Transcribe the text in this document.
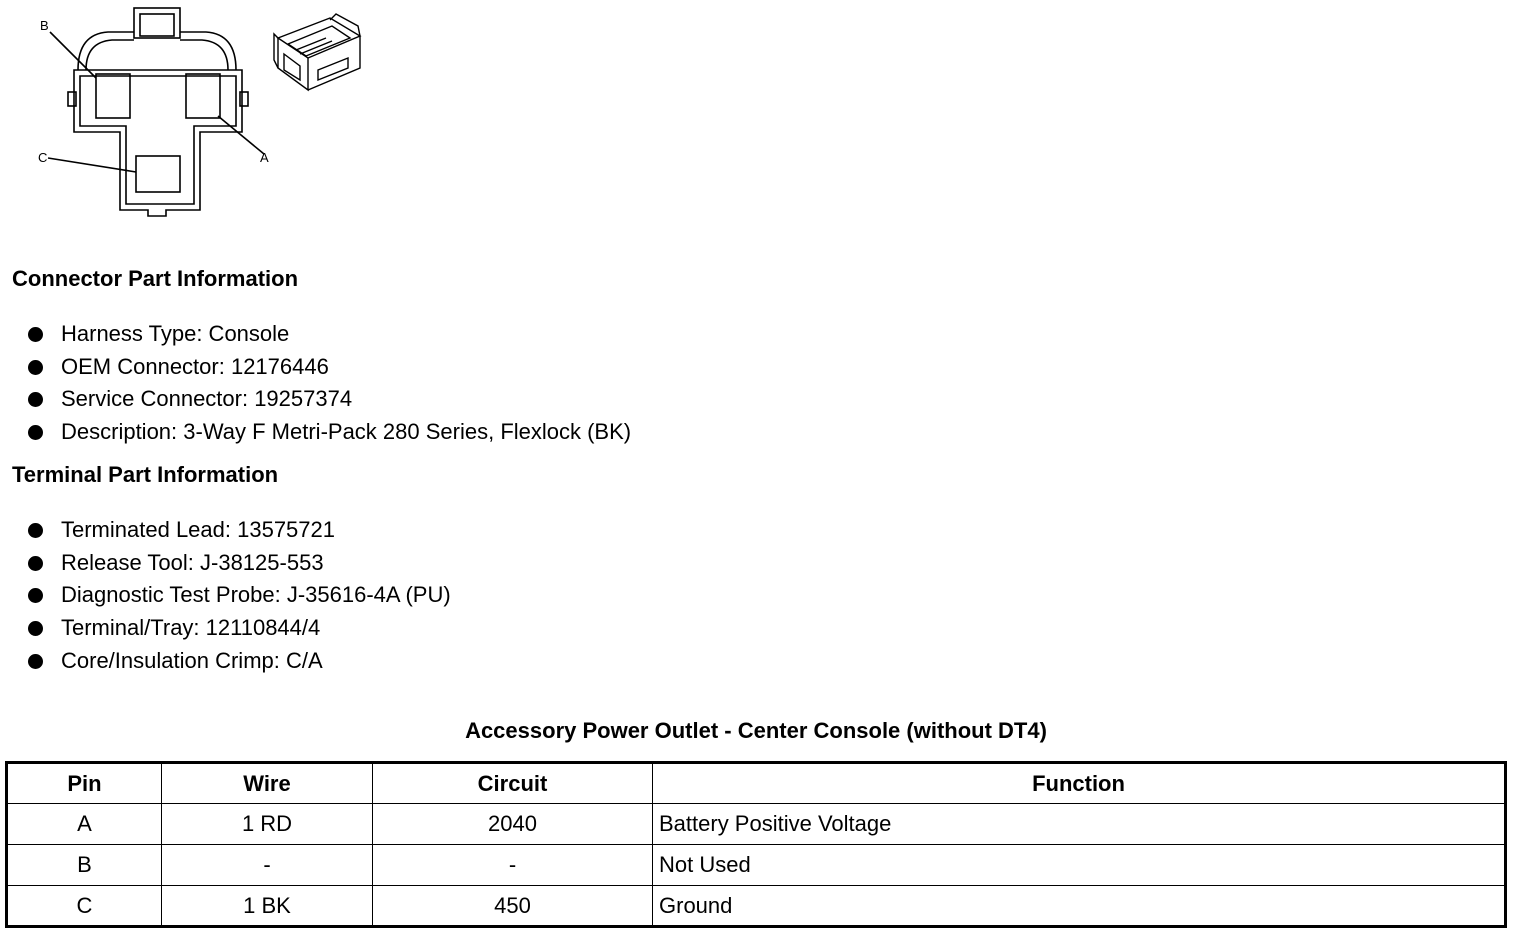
B
C	A
Connector Part Information
Harness Type: Console
OEM Connector: 12176446
Service Connector: 19257374
Description: 3-Way F Metri-Pack 280 Series, Flexlock (BK)
Terminal Part Information
Terminated Lead: 13575721
Release Tool: J-38125-553
Diagnostic Test Probe: J-35616-4A (PU)
Terminal/Tray: 12110844/4
Core/Insulation Crimp: C/A
Accessory Power Outlet - Center Console (without DT4)
Pin	Wire	Circuit	Function
A	1 RD	2040	Battery Positive Voltage
B	-	-	Not Used
C	1 BK	450	Ground
